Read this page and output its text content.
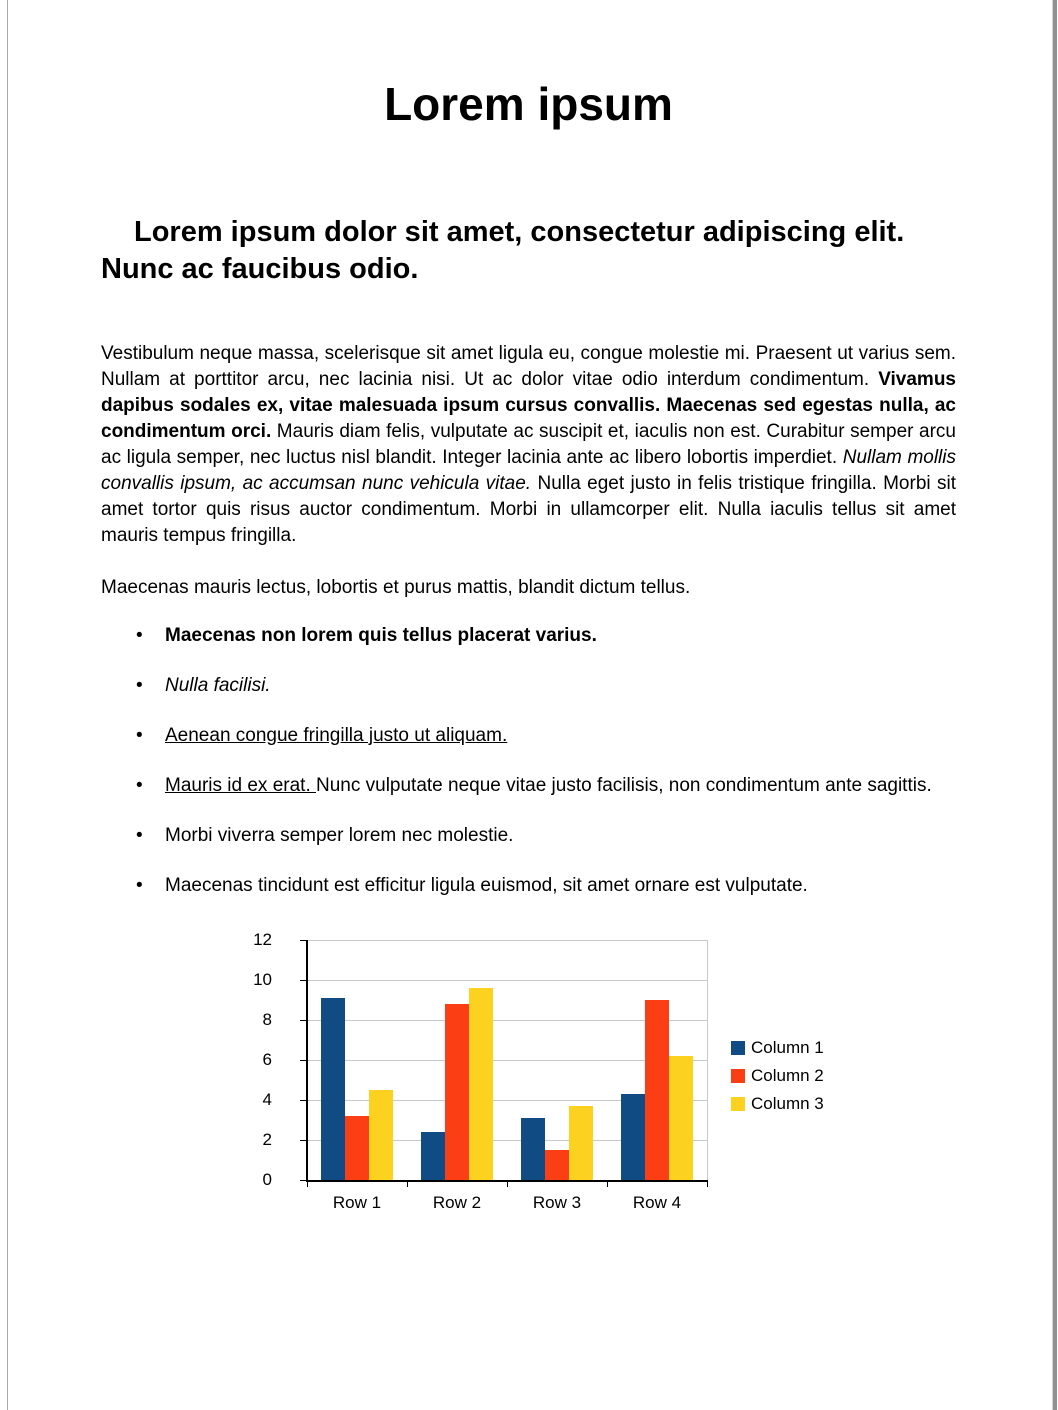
Lorem ipsum
Lorem ipsum dolor sit amet, consectetur adipiscing elit. Nunc ac faucibus odio.

Vestibulum neque massa, scelerisque sit amet ligula eu, congue molestie mi. Praesent ut varius sem. Nullam at porttitor arcu, nec lacinia nisi. Ut ac dolor vitae odio interdum condimentum. Vivamus dapibus sodales ex, vitae malesuada ipsum cursus convallis. Maecenas sed egestas nulla, ac condimentum orci. Mauris diam felis, vulputate ac suscipit et, iaculis non est. Curabitur semper arcu ac ligula semper, nec luctus nisl blandit. Integer lacinia ante ac libero lobortis imperdiet. Nullam mollis convallis ipsum, ac accumsan nunc vehicula vitae. Nulla eget justo in felis tristique fringilla. Morbi sit amet tortor quis risus auctor condimentum. Morbi in ullamcorper elit. Nulla iaculis tellus sit amet mauris tempus fringilla.

Maecenas mauris lectus, lobortis et purus mattis, blandit dictum tellus.

• Maecenas non lorem quis tellus placerat varius.
• Nulla facilisi.
• Aenean congue fringilla justo ut aliquam.
• Mauris id ex erat. Nunc vulputate neque vitae justo facilisis, non condimentum ante sagittis.
• Morbi viverra semper lorem nec molestie.
• Maecenas tincidunt est efficitur ligula euismod, sit amet ornare est vulputate.
0
2
4
6
8
10
12
Row 1	Row 2	Row 3	Row 4
Column 1
Column 2
Column 3
